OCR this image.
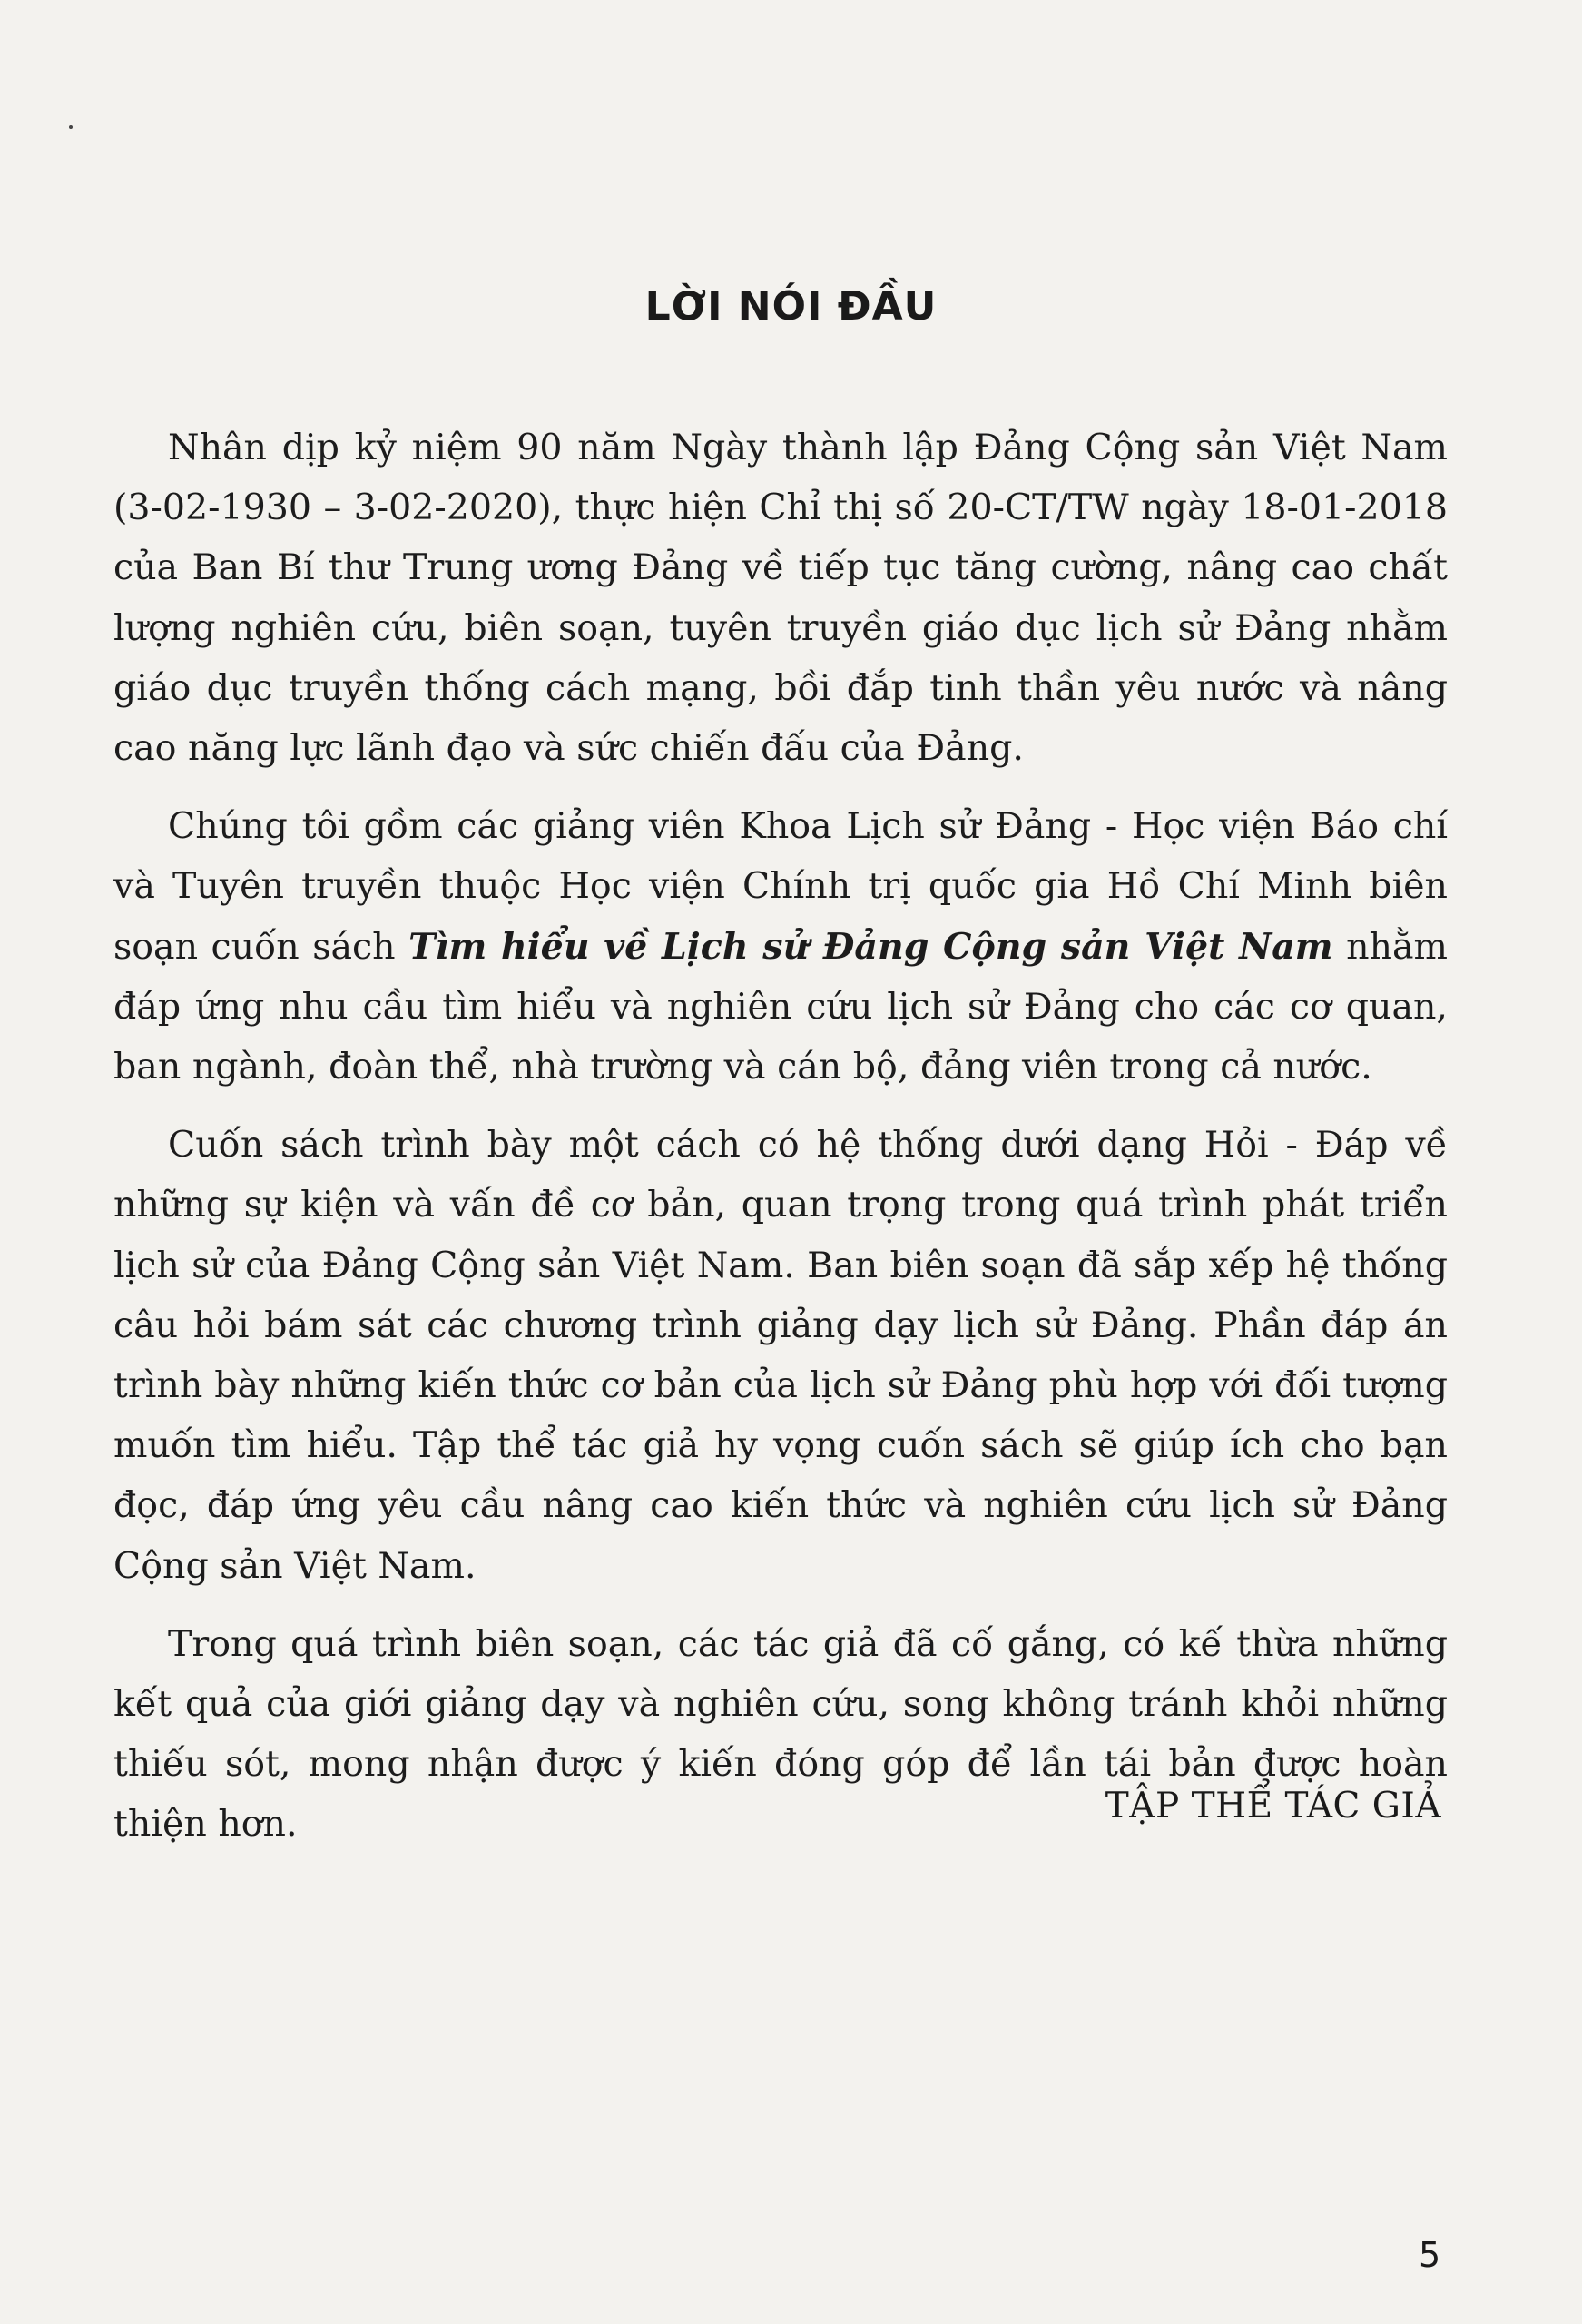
LỜI NÓI ĐẦU

Nhân dịp kỷ niệm 90 năm Ngày thành lập Đảng Cộng sản Việt Nam (3-02-1930 – 3-02-2020), thực hiện Chỉ thị số 20-CT/TW ngày 18-01-2018 của Ban Bí thư Trung ương Đảng về tiếp tục tăng cường, nâng cao chất lượng nghiên cứu, biên soạn, tuyên truyền giáo dục lịch sử Đảng nhằm giáo dục truyền thống cách mạng, bồi đắp tinh thần yêu nước và nâng cao năng lực lãnh đạo và sức chiến đấu của Đảng.

Chúng tôi gồm các giảng viên Khoa Lịch sử Đảng - Học viện Báo chí và Tuyên truyền thuộc Học viện Chính trị quốc gia Hồ Chí Minh biên soạn cuốn sách Tìm hiểu về Lịch sử Đảng Cộng sản Việt Nam nhằm đáp ứng nhu cầu tìm hiểu và nghiên cứu lịch sử Đảng cho các cơ quan, ban ngành, đoàn thể, nhà trường và cán bộ, đảng viên trong cả nước.

Cuốn sách trình bày một cách có hệ thống dưới dạng Hỏi - Đáp về những sự kiện và vấn đề cơ bản, quan trọng trong quá trình phát triển lịch sử của Đảng Cộng sản Việt Nam. Ban biên soạn đã sắp xếp hệ thống câu hỏi bám sát các chương trình giảng dạy lịch sử Đảng. Phần đáp án trình bày những kiến thức cơ bản của lịch sử Đảng phù hợp với đối tượng muốn tìm hiểu. Tập thể tác giả hy vọng cuốn sách sẽ giúp ích cho bạn đọc, đáp ứng yêu cầu nâng cao kiến thức và nghiên cứu lịch sử Đảng Cộng sản Việt Nam.

Trong quá trình biên soạn, các tác giả đã cố gắng, có kế thừa những kết quả của giới giảng dạy và nghiên cứu, song không tránh khỏi những thiếu sót, mong nhận được ý kiến đóng góp để lần tái bản được hoàn thiện hơn.	TẬP THỂ TÁC GIẢ
5
